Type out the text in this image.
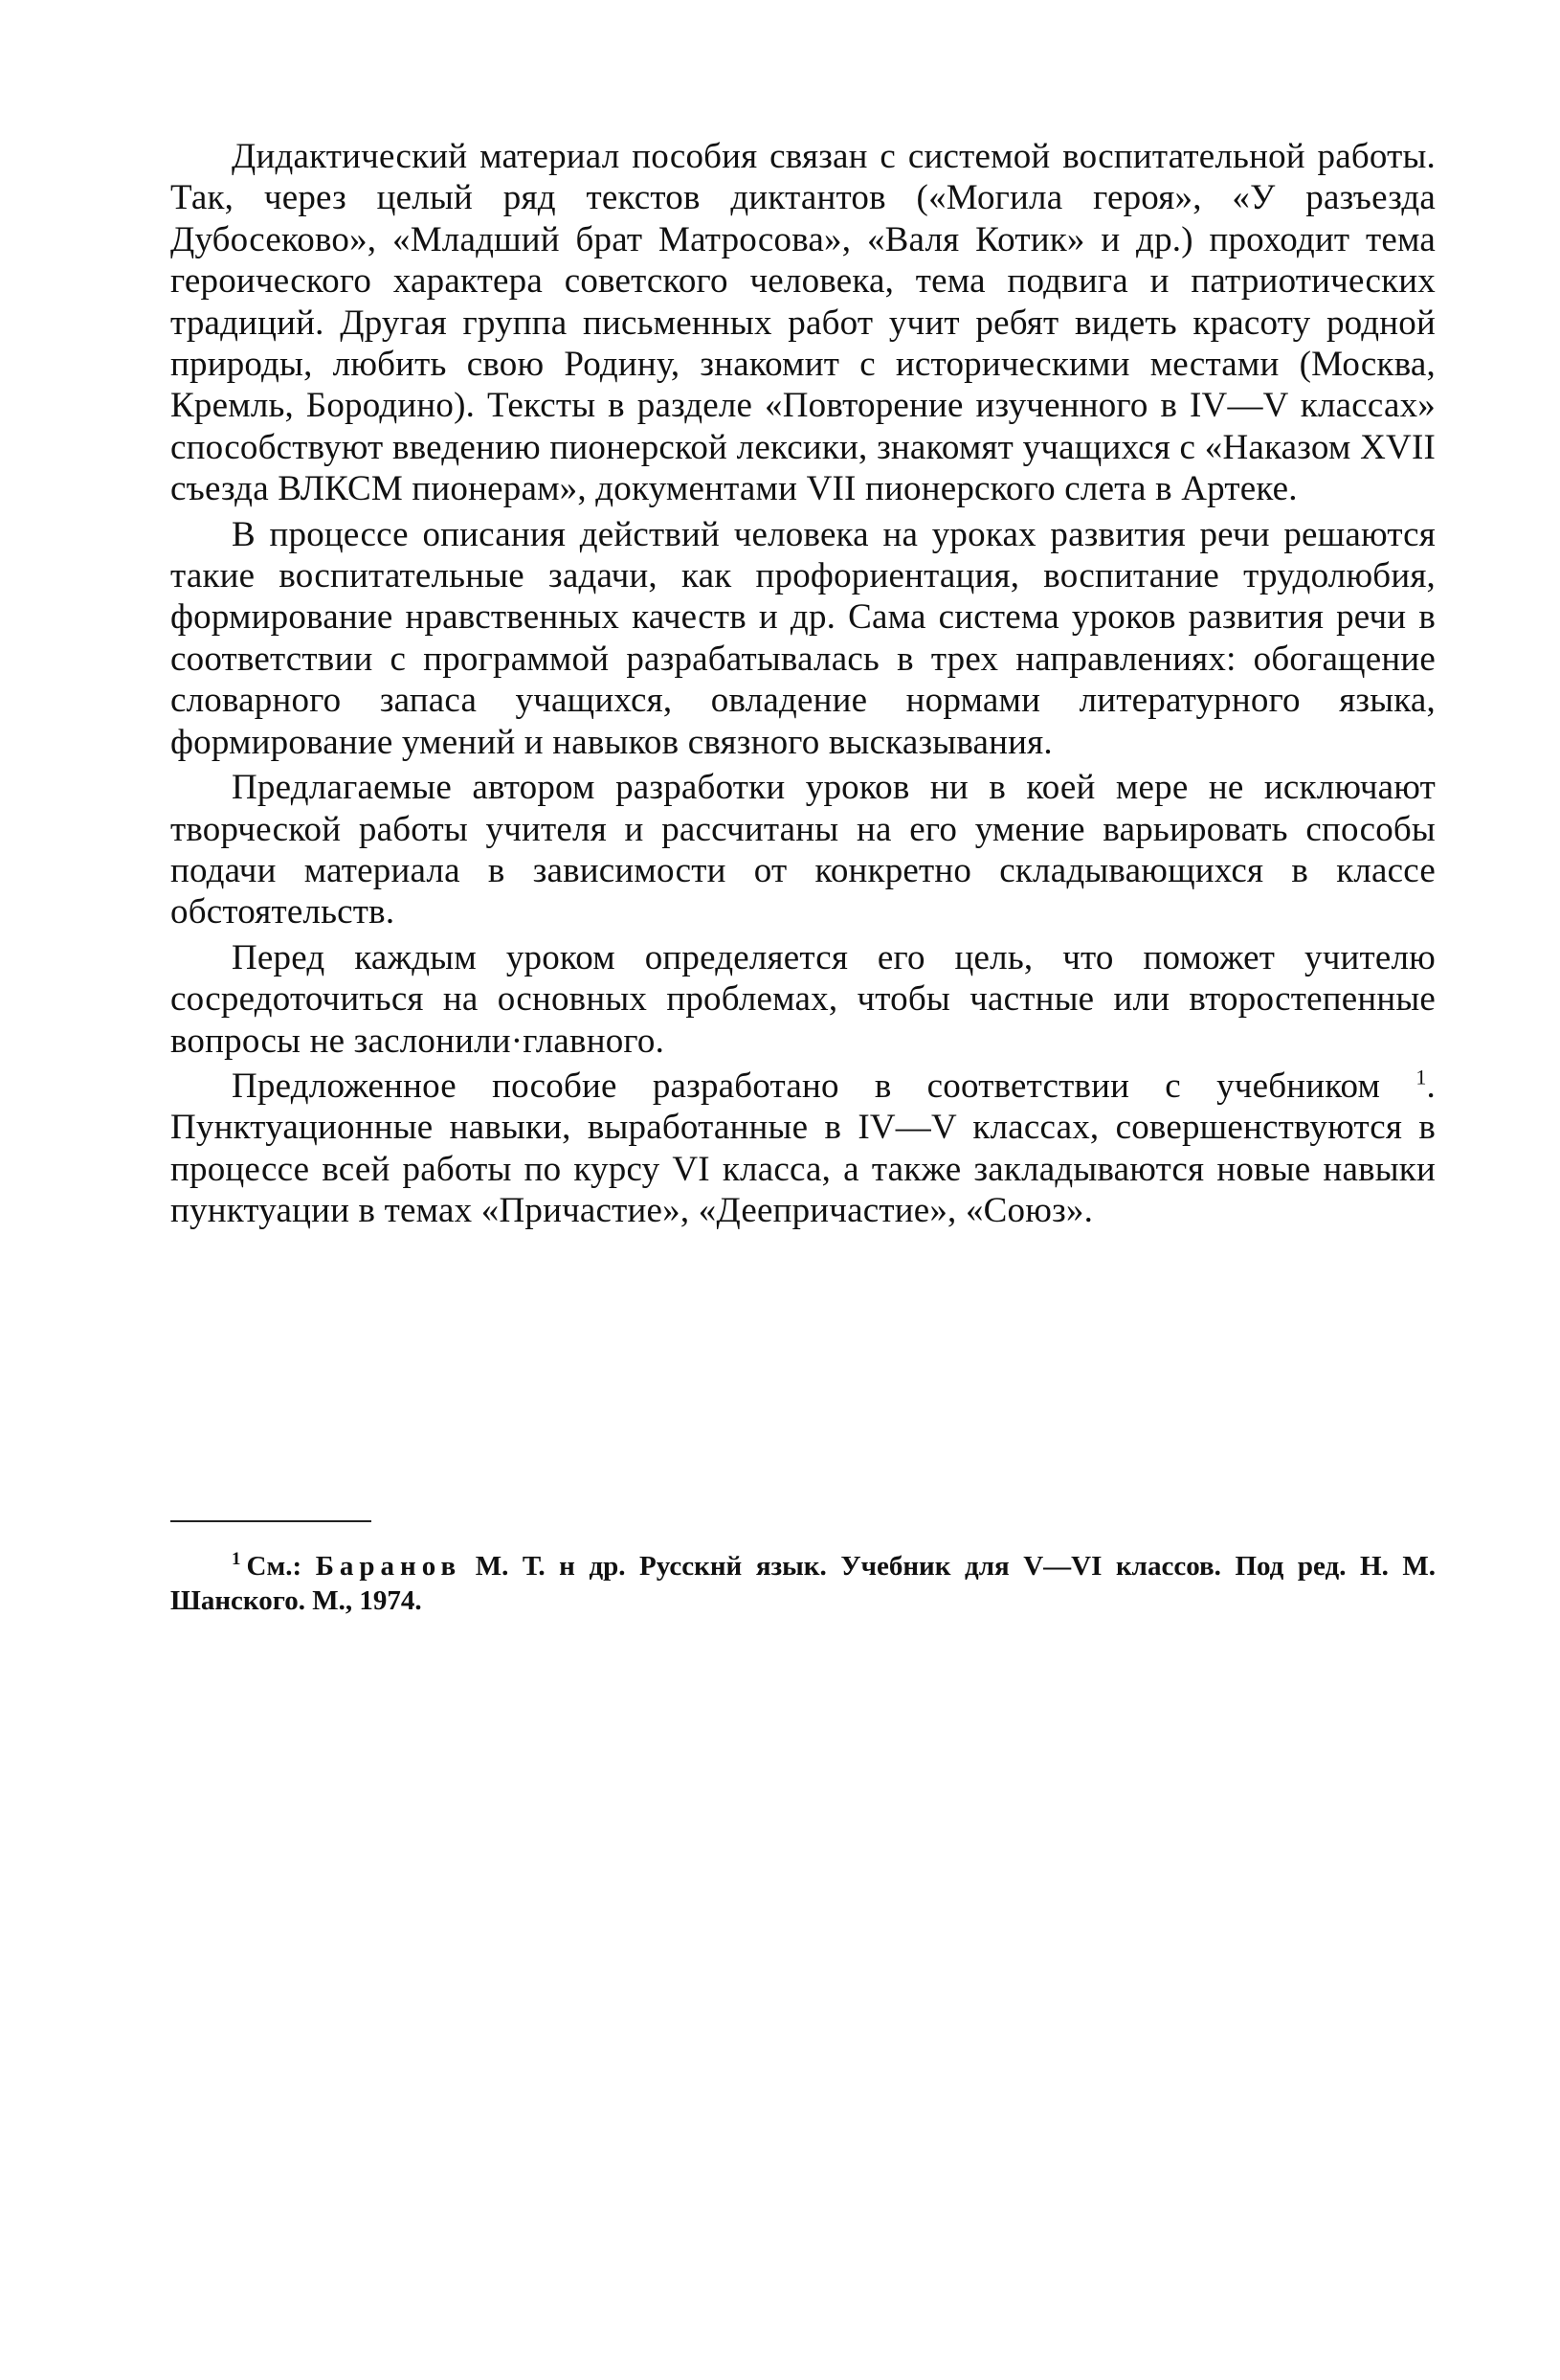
Дидактический материал пособия связан с системой воспитательной работы. Так, через целый ряд текстов диктантов («Могила героя», «У разъезда Дубосеково», «Младший брат Матросова», «Валя Котик» и др.) проходит тема героического характера советского человека, тема подвига и патриотических традиций. Другая группа письменных работ учит ребят видеть красоту родной природы, любить свою Родину, знакомит с историческими местами (Москва, Кремль, Бородино). Тексты в разделе «Повторение изученного в IV—V классах» способствуют введению пионерской лексики, знакомят учащихся с «Наказом XVII съезда ВЛКСМ пионерам», документами VII пионерского слета в Артеке.

В процессе описания действий человека на уроках развития речи решаются такие воспитательные задачи, как профориентация, воспитание трудолюбия, формирование нравственных качеств и др. Сама система уроков развития речи в соответствии с программой разрабатывалась в трех направлениях: обогащение словарного запаса учащихся, овладение нормами литературного языка, формирование умений и навыков связного высказывания.

Предлагаемые автором разработки уроков ни в коей мере не исключают творческой работы учителя и рассчитаны на его умение варьировать способы подачи материала в зависимости от конкретно складывающихся в классе обстоятельств.

Перед каждым уроком определяется его цель, что поможет учителю сосредоточиться на основных проблемах, чтобы частные или второстепенные вопросы не заслонили·главного.

Предложенное пособие разработано в соответствии с учебником $^1$. Пунктуационные навыки, выработанные в IV—V классах, совершенствуются в процессе всей работы по курсу VI класса, а также закладываются новые навыки пунктуации в темах «Причастие», «Деепричастие», «Союз».

$^1$ См.: Баранов М. Т. н др. Русскнй язык. Учебник для V—VI классов. Под ред. Н. М. Шанского. М., 1974.
